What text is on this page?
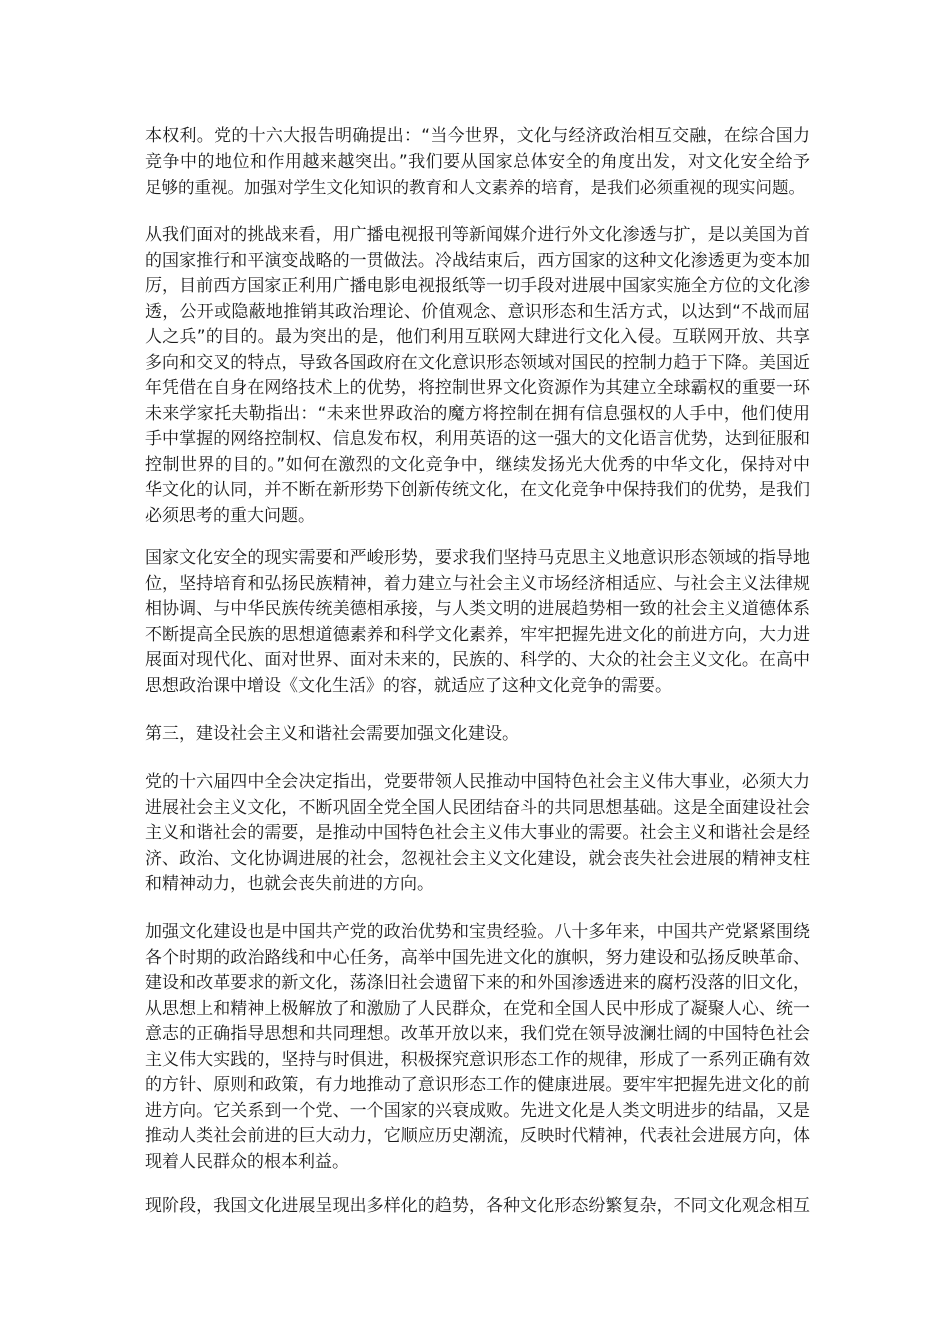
本权利。党的十六大报告明确提出：“当今世界，文化与经济政治相互交融，在综合国力
竞争中的地位和作用越来越突出。”我们要从国家总体安全的角度出发，对文化安全给予
足够的重视。加强对学生文化知识的教育和人文素养的培育，是我们必须重视的现实问题。
从我们面对的挑战来看，用广播电视报刊等新闻媒介进行外文化渗透与扩，是以美国为首
的国家推行和平演变战略的一贯做法。冷战结束后，西方国家的这种文化渗透更为变本加
厉，目前西方国家正利用广播电影电视报纸等一切手段对进展中国家实施全方位的文化渗
透，公开或隐蔽地推销其政治理论、价值观念、意识形态和生活方式，以达到“不战而屈
人之兵”的目的。最为突出的是，他们利用互联网大肆进行文化入侵。互联网开放、共享
多向和交叉的特点，导致各国政府在文化意识形态领域对国民的控制力趋于下降。美国近
年凭借在自身在网络技术上的优势，将控制世界文化资源作为其建立全球霸权的重要一环
未来学家托夫勒指出：“未来世界政治的魔方将控制在拥有信息强权的人手中，他们使用
手中掌握的网络控制权、信息发布权，利用英语的这一强大的文化语言优势，达到征服和
控制世界的目的。”如何在激烈的文化竞争中，继续发扬光大优秀的中华文化，保持对中
华文化的认同，并不断在新形势下创新传统文化，在文化竞争中保持我们的优势，是我们
必须思考的重大问题。
国家文化安全的现实需要和严峻形势，要求我们坚持马克思主义地意识形态领域的指导地
位，坚持培育和弘扬民族精神，着力建立与社会主义市场经济相适应、与社会主义法律规
相协调、与中华民族传统美德相承接，与人类文明的进展趋势相一致的社会主义道德体系
不断提高全民族的思想道德素养和科学文化素养，牢牢把握先进文化的前进方向，大力进
展面对现代化、面对世界、面对未来的，民族的、科学的、大众的社会主义文化。在高中
思想政治课中增设《文化生活》的容，就适应了这种文化竞争的需要。
第三，建设社会主义和谐社会需要加强文化建设。
党的十六届四中全会决定指出，党要带领人民推动中国特色社会主义伟大事业，必须大力
进展社会主义文化，不断巩固全党全国人民团结奋斗的共同思想基础。这是全面建设社会
主义和谐社会的需要，是推动中国特色社会主义伟大事业的需要。社会主义和谐社会是经
济、政治、文化协调进展的社会，忽视社会主义文化建设，就会丧失社会进展的精神支柱
和精神动力，也就会丧失前进的方向。
加强文化建设也是中国共产党的政治优势和宝贵经验。八十多年来，中国共产党紧紧围绕
各个时期的政治路线和中心任务，高举中国先进文化的旗帜，努力建设和弘扬反映革命、
建设和改革要求的新文化，荡涤旧社会遗留下来的和外国渗透进来的腐朽没落的旧文化，
从思想上和精神上极解放了和激励了人民群众，在党和全国人民中形成了凝聚人心、统一
意志的正确指导思想和共同理想。改革开放以来，我们党在领导波澜壮阔的中国特色社会
主义伟大实践的，坚持与时俱进，积极探究意识形态工作的规律，形成了一系列正确有效
的方针、原则和政策，有力地推动了意识形态工作的健康进展。要牢牢把握先进文化的前
进方向。它关系到一个党、一个国家的兴衰成败。先进文化是人类文明进步的结晶，又是
推动人类社会前进的巨大动力，它顺应历史潮流，反映时代精神，代表社会进展方向，体
现着人民群众的根本利益。
现阶段，我国文化进展呈现出多样化的趋势，各种文化形态纷繁复杂，不同文化观念相互
